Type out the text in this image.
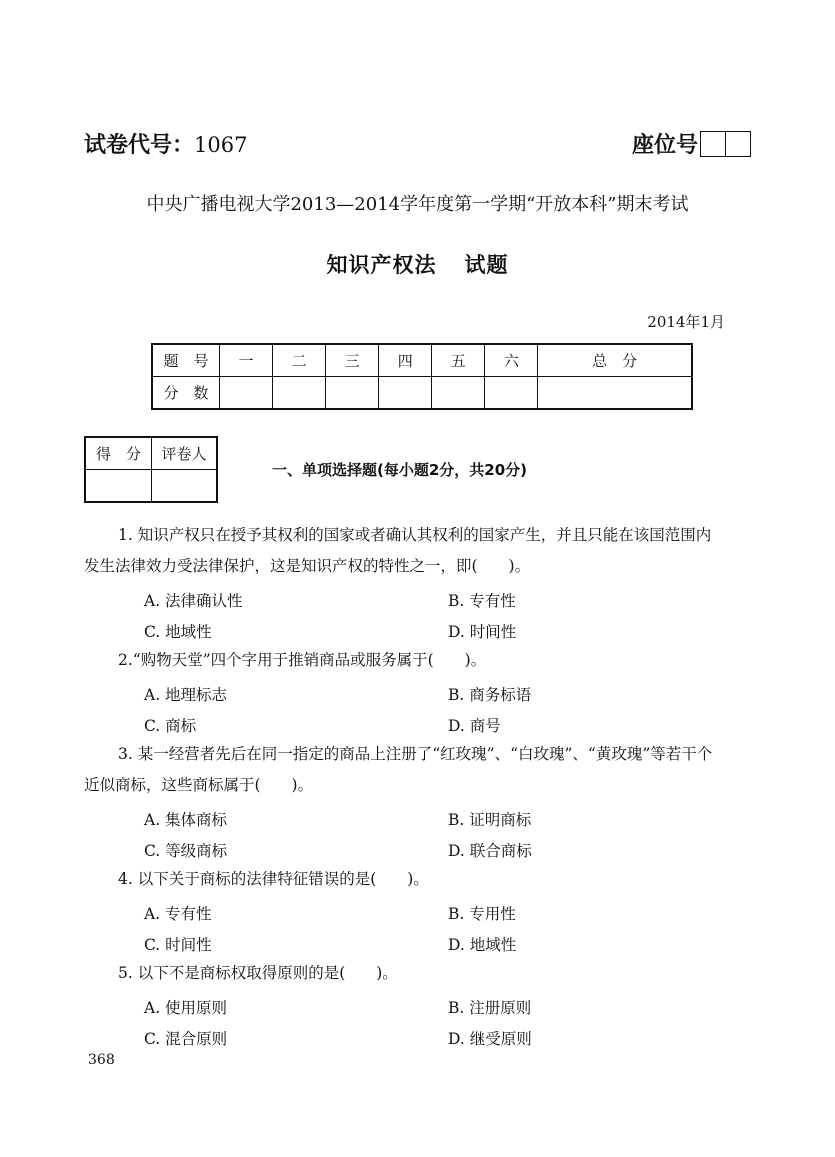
试卷代号：1067	座位号
中央广播电视大学2013—2014学年度第一学期“开放本科”期末考试
知识产权法 试题
2014年1月
题　号	一	二	三	四	五	六	总　分
分　数							
得　分	评卷人

一、单项选择题(每小题2分，共20分)
1. 知识产权只在授予其权利的国家或者确认其权利的国家产生，并且只能在该国范围内
发生法律效力受法律保护，这是知识产权的特性之一，即(　　)。
A. 法律确认性	B. 专有性
C. 地域性	D. 时间性
2.“购物天堂”四个字用于推销商品或服务属于(　　)。
A. 地理标志	B. 商务标语
C. 商标	D. 商号
3. 某一经营者先后在同一指定的商品上注册了“红玫瑰”、“白玫瑰”、“黄玫瑰”等若干个
近似商标，这些商标属于(　　)。
A. 集体商标	B. 证明商标
C. 等级商标	D. 联合商标
4. 以下关于商标的法律特征错误的是(　　)。
A. 专有性	B. 专用性
C. 时间性	D. 地域性
5. 以下不是商标权取得原则的是(　　)。
A. 使用原则	B. 注册原则
C. 混合原则	D. 继受原则
368
